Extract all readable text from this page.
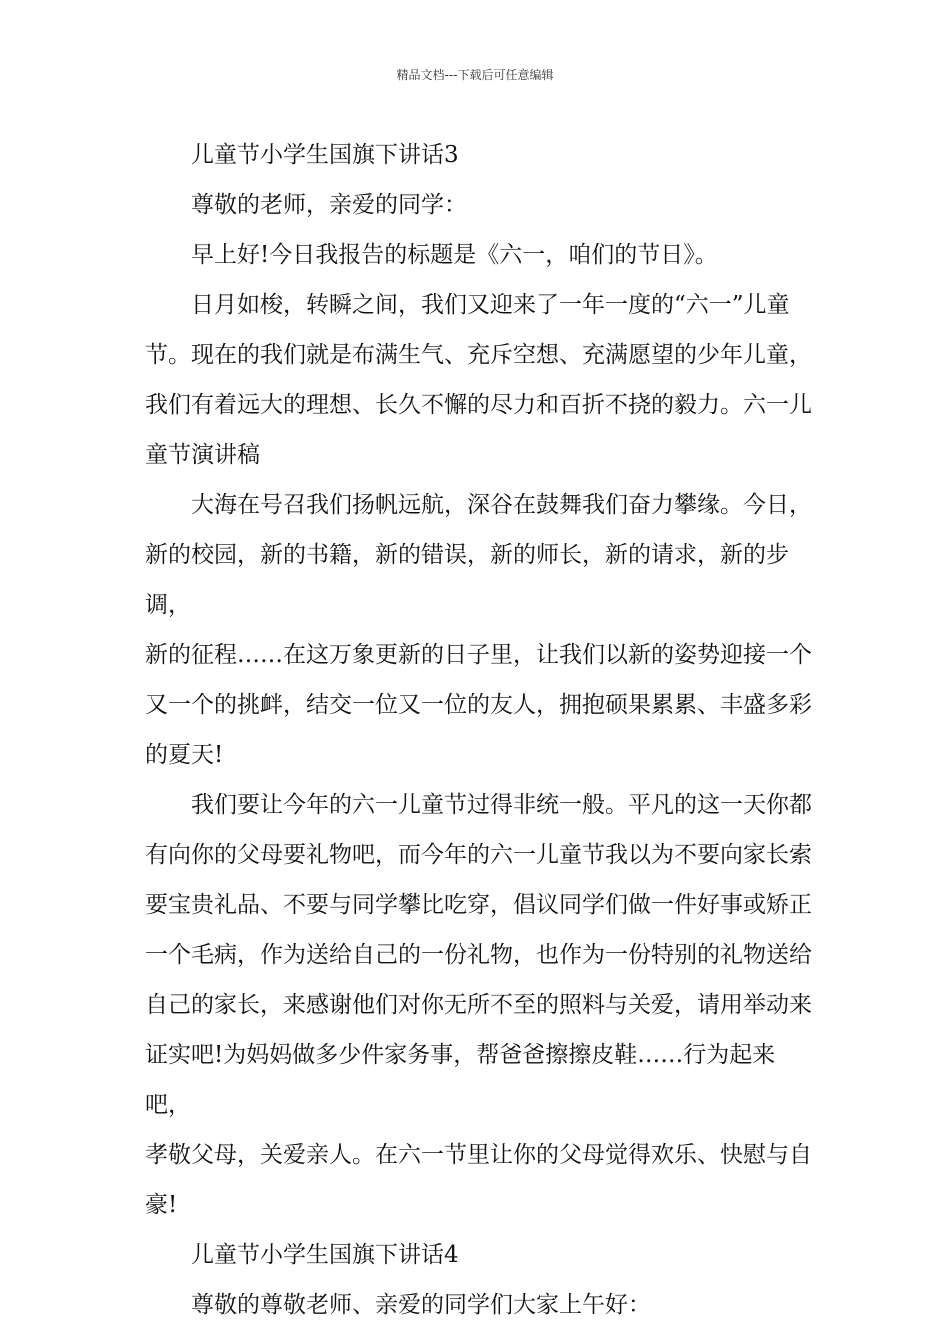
精品文档---下载后可任意编辑

儿童节小学生国旗下讲话3

尊敬的老师，亲爱的同学：

早上好!今日我报告的标题是《六一，咱们的节日》。

日月如梭，转瞬之间，我们又迎来了一年一度的“六一”儿童

节。现在的我们就是布满生气、充斥空想、充满愿望的少年儿童，

我们有着远大的理想、长久不懈的尽力和百折不挠的毅力。六一儿

童节演讲稿

大海在号召我们扬帆远航，深谷在鼓舞我们奋力攀缘。今日，

新的校园，新的书籍，新的错误，新的师长，新的请求，新的步调，

新的征程……在这万象更新的日子里，让我们以新的姿势迎接一个

又一个的挑衅，结交一位又一位的友人，拥抱硕果累累、丰盛多彩

的夏天!

我们要让今年的六一儿童节过得非统一般。平凡的这一天你都

有向你的父母要礼物吧，而今年的六一儿童节我以为不要向家长索

要宝贵礼品、不要与同学攀比吃穿，倡议同学们做一件好事或矫正

一个毛病，作为送给自己的一份礼物，也作为一份特别的礼物送给

自己的家长，来感谢他们对你无所不至的照料与关爱，请用举动来

证实吧!为妈妈做多少件家务事，帮爸爸擦擦皮鞋……行为起来吧，

孝敬父母，关爱亲人。在六一节里让你的父母觉得欢乐、快慰与自

豪!

儿童节小学生国旗下讲话4

尊敬的尊敬老师、亲爱的同学们大家上午好：
